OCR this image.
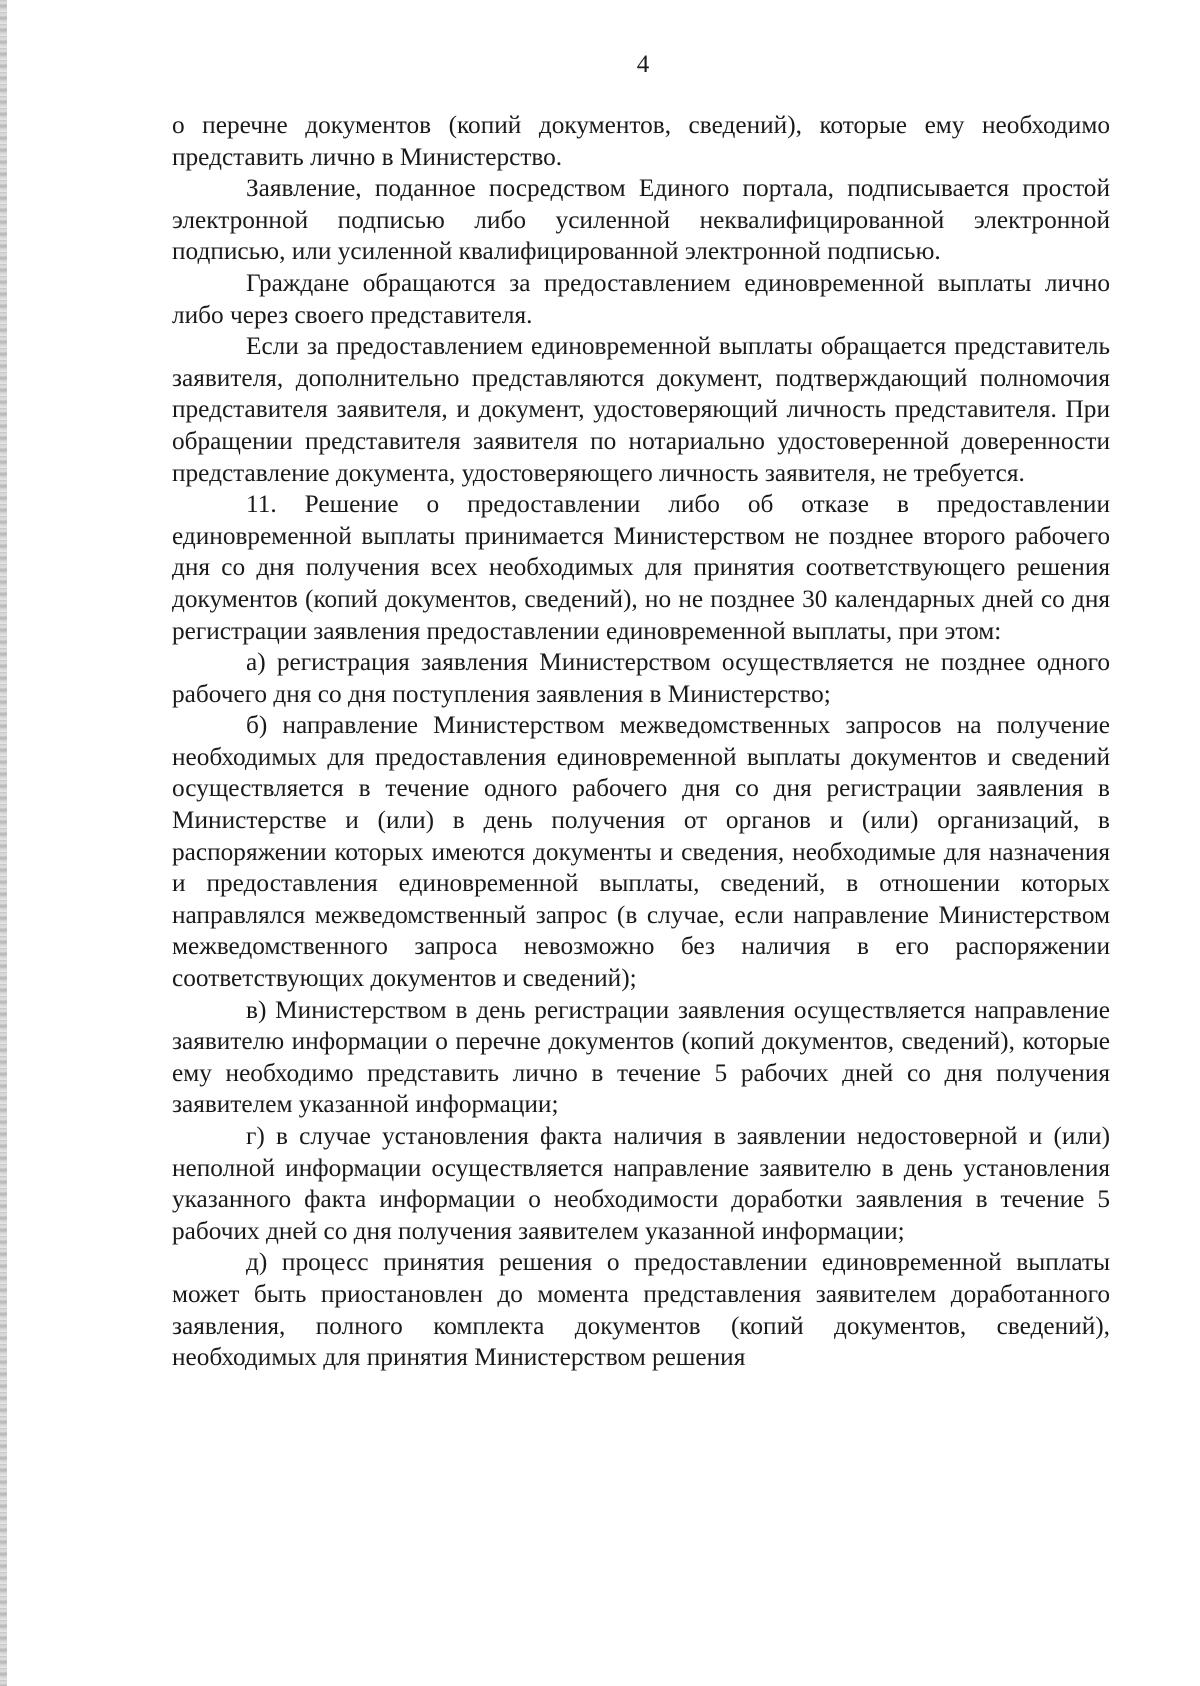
4

о перечне документов (копий документов, сведений), которые ему необходимо представить лично в Министерство.

Заявление, поданное посредством Единого портала, подписывается простой электронной подписью либо усиленной неквалифицированной электронной подписью, или усиленной квалифицированной электронной подписью.

Граждане обращаются за предоставлением единовременной выплаты лично либо через своего представителя.

Если за предоставлением единовременной выплаты обращается представитель заявителя, дополнительно представляются документ, подтверждающий полномочия представителя заявителя, и документ, удостоверяющий личность представителя. При обращении представителя заявителя по нотариально удостоверенной доверенности представление документа, удостоверяющего личность заявителя, не требуется.

11. Решение о предоставлении либо об отказе в предоставлении единовременной выплаты принимается Министерством не позднее второго рабочего дня со дня получения всех необходимых для принятия соответствующего решения документов (копий документов, сведений), но не позднее 30 календарных дней со дня регистрации заявления предоставлении единовременной выплаты, при этом:

а) регистрация заявления Министерством осуществляется не позднее одного рабочего дня со дня поступления заявления в Министерство;

б) направление Министерством межведомственных запросов на получение необходимых для предоставления единовременной выплаты документов и сведений осуществляется в течение одного рабочего дня со дня регистрации заявления в Министерстве и (или) в день получения от органов и (или) организаций, в распоряжении которых имеются документы и сведения, необходимые для назначения и предоставления единовременной выплаты, сведений, в отношении которых направлялся межведомственный запрос (в случае, если направление Министерством межведомственного запроса невозможно без наличия в его распоряжении соответствующих документов и сведений);

в) Министерством в день регистрации заявления осуществляется направление заявителю информации о перечне документов (копий документов, сведений), которые ему необходимо представить лично в течение 5 рабочих дней со дня получения заявителем указанной информации;

г) в случае установления факта наличия в заявлении недостоверной и (или) неполной информации осуществляется направление заявителю в день установления указанного факта информации о необходимости доработки заявления в течение 5 рабочих дней со дня получения заявителем указанной информации;

д) процесс принятия решения о предоставлении единовременной выплаты может быть приостановлен до момента представления заявителем доработанного заявления, полного комплекта документов (копий документов, сведений), необходимых для принятия Министерством решения
